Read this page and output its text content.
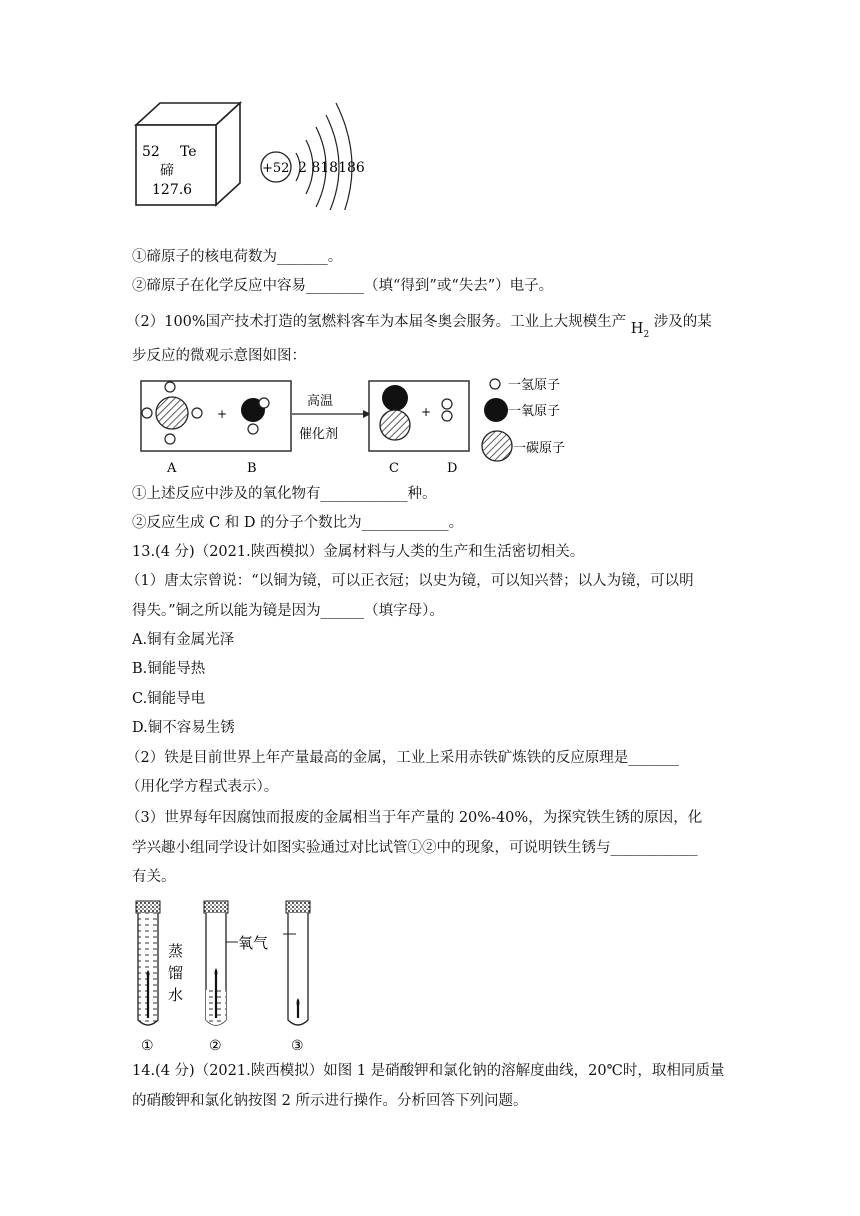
52 Te
碲
127.6
+52 2 818186
①碲原子的核电荷数为_______。
②碲原子在化学反应中容易________（填“得到”或“失去”）电子。
（2）100%国产技术打造的氢燃料客车为本届冬奥会服务。工业上大规模生产 $H_2$ 涉及的某
步反应的微观示意图如图：
+
高温
催化剂
+
A	B	C	D
一氢原子
一氧原子
一碳原子
①上述反应中涉及的氧化物有____________种。
②反应生成 C 和 D 的分子个数比为____________。
13.(4 分)（2021.陕西模拟）金属材料与人类的生产和生活密切相关。
（1）唐太宗曾说：“以铜为镜，可以正衣冠；以史为镜，可以知兴替；以人为镜，可以明
得失。”铜之所以能为镜是因为______（填字母）。
A.铜有金属光泽
B.铜能导热
C.铜能导电
D.铜不容易生锈
（2）铁是目前世界上年产量最高的金属，工业上采用赤铁矿炼铁的反应原理是_______
（用化学方程式表示）。
（3）世界每年因腐蚀而报废的金属相当于年产量的 20%-40%，为探究铁生锈的原因，化
学兴趣小组同学设计如图实验通过对比试管①②中的现象，可说明铁生锈与____________
有关。
蒸
馏
水
氧气
①	②	③
14.(4 分)（2021.陕西模拟）如图 1 是硝酸钾和氯化钠的溶解度曲线，20℃时，取相同质量
的硝酸钾和氯化钠按图 2 所示进行操作。分析回答下列问题。
